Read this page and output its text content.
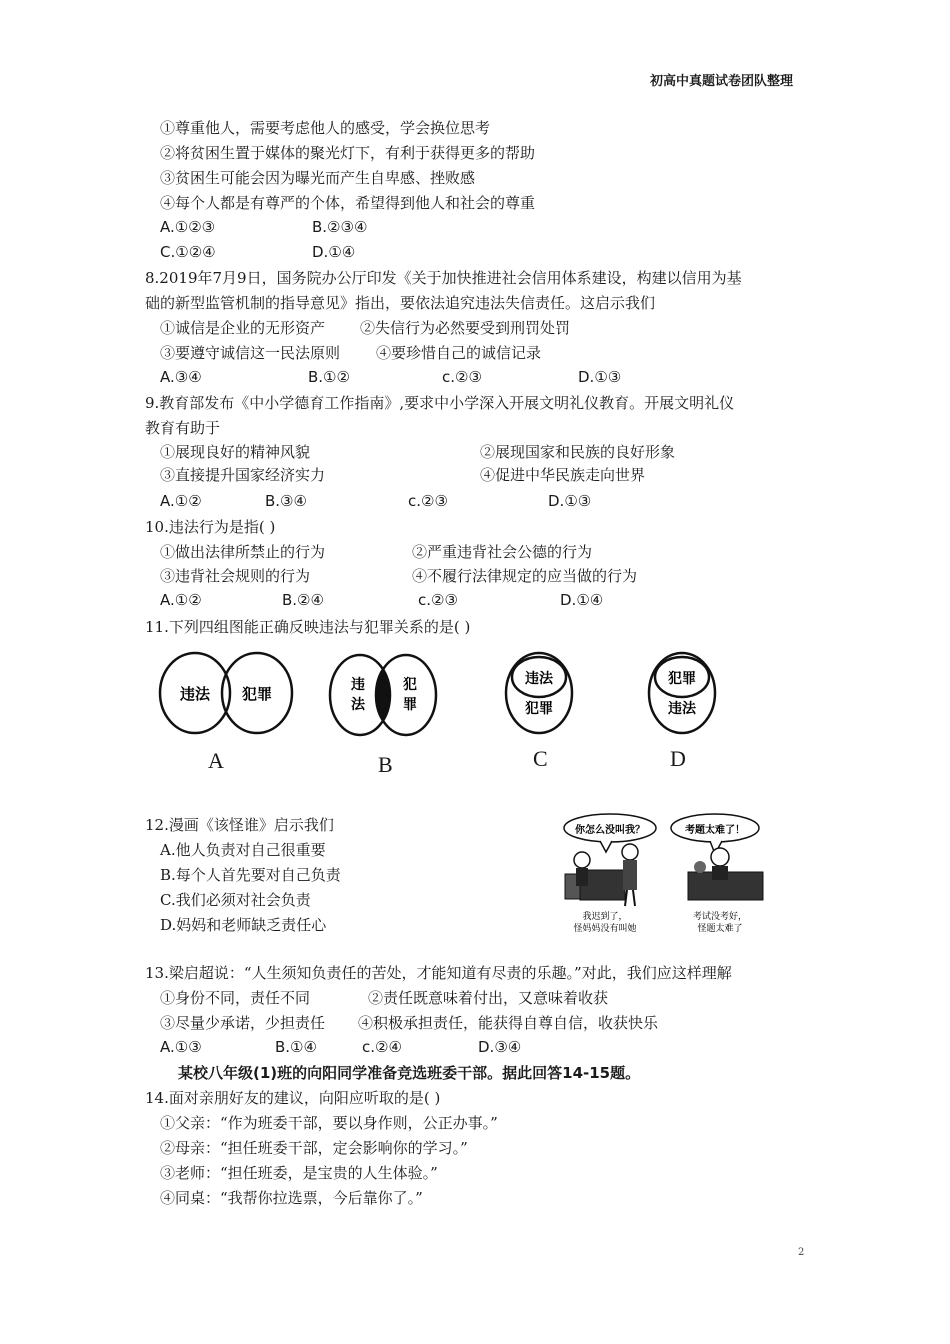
初高中真题试卷团队整理
①尊重他人，需要考虑他人的感受，学会换位思考
②将贫困生置于媒体的聚光灯下，有利于获得更多的帮助
③贫困生可能会因为曝光而产生自卑感、挫败感
④每个人都是有尊严的个体，希望得到他人和社会的尊重
A.①②③	B.②③④
C.①②④	D.①④
8.2019年7月9日，国务院办公厅印发《关于加快推进社会信用体系建设，构建以信用为基
础的新型监管机制的指导意见》指出，要依法追究违法失信责任。这启示我们
①诚信是企业的无形资产 ②失信行为必然要受到刑罚处罚
③要遵守诚信这一民法原则 ④要珍惜自己的诚信记录
A.③④	B.①②	c.②③	D.①③
9.教育部发布《中小学德育工作指南》,要求中小学深入开展文明礼仪教育。开展文明礼仪
教育有助于
①展现良好的精神风貌	②展现国家和民族的良好形象
③直接提升国家经济实力	④促进中华民族走向世界
A.①②	B.③④	c.②③	D.①③
10.违法行为是指( )
①做出法律所禁止的行为	②严重违背社会公德的行为
③违背社会规则的行为	④不履行法律规定的应当做的行为
A.①②	B.②④	c.②③	D.①④
11.下列四组图能正确反映违法与犯罪关系的是( )
违法 犯罪	违
法
犯
罪
违法
犯罪
犯罪
违法
A	B	C	D
12.漫画《该怪谁》启示我们
A.他人负责对自己很重要
B.每个人首先要对自己负责
C.我们必须对社会负责
D.妈妈和老师缺乏责任心
你怎么没叫我？	考题太难了！
我迟到了，
怪妈妈没有叫她
考试没考好，
怪题太难了
13.梁启超说：“人生须知负责任的苦处，才能知道有尽责的乐趣。”对此，我们应这样理解
①身份不同，责任不同	②责任既意味着付出，又意味着收获
③尽量少承诺，少担责任 ④积极承担责任，能获得自尊自信，收获快乐
A.①③	B.①④	c.②④	D.③④
某校八年级(1)班的向阳同学准备竞选班委干部。据此回答14-15题。
14.面对亲朋好友的建议，向阳应听取的是( )
①父亲：“作为班委干部，要以身作则，公正办事。”
②母亲：“担任班委干部，定会影响你的学习。”
③老师：“担任班委，是宝贵的人生体验。”
④同桌：“我帮你拉选票，今后靠你了。”
2
